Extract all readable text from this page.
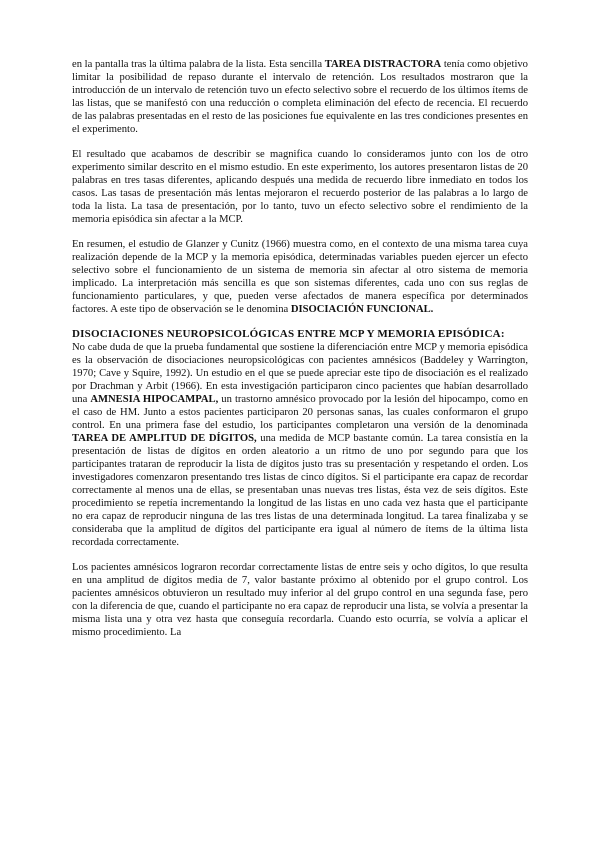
en la pantalla tras la última palabra de la lista. Esta sencilla TAREA DISTRACTORA tenía como objetivo limitar la posibilidad de repaso durante el intervalo de retención. Los resultados mostraron que la introducción de un intervalo de retención tuvo un efecto selectivo sobre el recuerdo de los últimos ítems de las listas, que se manifestó con una reducción o completa eliminación del efecto de recencia. El recuerdo de las palabras presentadas en el resto de las posiciones fue equivalente en las tres condiciones presentes en el experimento.

El resultado que acabamos de describir se magnifica cuando lo consideramos junto con los de otro experimento similar descrito en el mismo estudio. En este experimento, los autores presentaron listas de 20 palabras en tres tasas diferentes, aplicando después una medida de recuerdo libre inmediato en todos los casos. Las tasas de presentación más lentas mejoraron el recuerdo posterior de las palabras a lo largo de toda la lista. La tasa de presentación, por lo tanto, tuvo un efecto selectivo sobre el rendimiento de la memoria episódica sin afectar a la MCP.

En resumen, el estudio de Glanzer y Cunitz (1966) muestra como, en el contexto de una misma tarea cuya realización depende de la MCP y la memoria episódica, determinadas variables pueden ejercer un efecto selectivo sobre el funcionamiento de un sistema de memoria sin afectar al otro sistema de memoria implicado. La interpretación más sencilla es que son sistemas diferentes, cada uno con sus reglas de funcionamiento particulares, y que, pueden verse afectados de manera específica por determinados factores. A este tipo de observación se le denomina DISOCIACIÓN FUNCIONAL.

DISOCIACIONES NEUROPSICOLÓGICAS ENTRE MCP Y MEMORIA EPISÓDICA:

No cabe duda de que la prueba fundamental que sostiene la diferenciación entre MCP y memoria episódica es la observación de disociaciones neuropsicológicas con pacientes amnésicos (Baddeley y Warrington, 1970; Cave y Squire, 1992). Un estudio en el que se puede apreciar este tipo de disociación es el realizado por Drachman y Arbit (1966). En esta investigación participaron cinco pacientes que habían desarrollado una AMNESIA HIPOCAMPAL, un trastorno amnésico provocado por la lesión del hipocampo, como en el caso de HM. Junto a estos pacientes participaron 20 personas sanas, las cuales conformaron el grupo control. En una primera fase del estudio, los participantes completaron una versión de la denominada TAREA DE AMPLITUD DE DÍGITOS, una medida de MCP bastante común. La tarea consistía en la presentación de listas de dígitos en orden aleatorio a un ritmo de uno por segundo para que los participantes trataran de reproducir la lista de dígitos justo tras su presentación y respetando el orden. Los investigadores comenzaron presentando tres listas de cinco dígitos. Si el participante era capaz de recordar correctamente al menos una de ellas, se presentaban unas nuevas tres listas, ésta vez de seis dígitos. Este procedimiento se repetía incrementando la longitud de las listas en uno cada vez hasta que el participante no era capaz de reproducir ninguna de las tres listas de una determinada longitud. La tarea finalizaba y se consideraba que la amplitud de dígitos del participante era igual al número de ítems de la última lista recordada correctamente.

Los pacientes amnésicos lograron recordar correctamente listas de entre seis y ocho dígitos, lo que resulta en una amplitud de dígitos media de 7, valor bastante próximo al obtenido por el grupo control. Los pacientes amnésicos obtuvieron un resultado muy inferior al del grupo control en una segunda fase, pero con la diferencia de que, cuando el participante no era capaz de reproducir una lista, se volvía a presentar la misma lista una y otra vez hasta que conseguía recordarla. Cuando esto ocurría, se volvía a aplicar el mismo procedimiento. La
